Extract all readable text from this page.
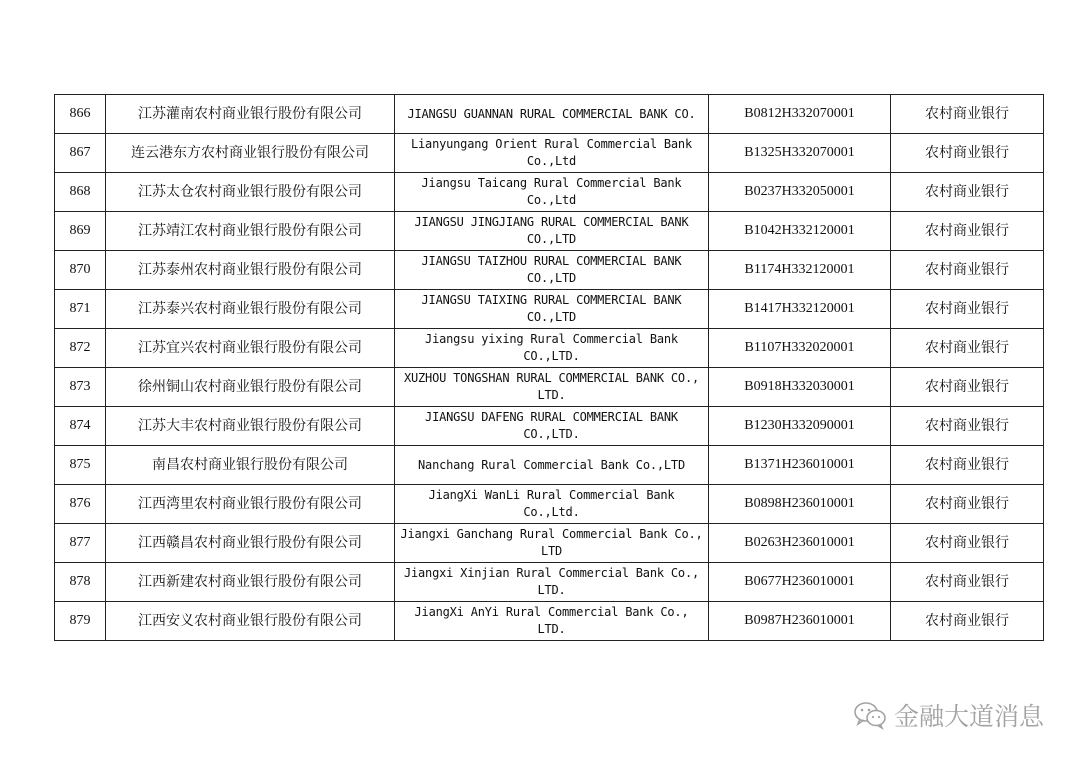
866	江苏灌南农村商业银行股份有限公司	JIANGSU GUANNAN RURAL COMMERCIAL BANK CO.	B0812H332070001	农村商业银行
867	连云港东方农村商业银行股份有限公司	Lianyungang Orient Rural Commercial Bank Co.,Ltd	B1325H332070001	农村商业银行
868	江苏太仓农村商业银行股份有限公司	Jiangsu Taicang Rural Commercial Bank Co.,Ltd	B0237H332050001	农村商业银行
869	江苏靖江农村商业银行股份有限公司	JIANGSU JINGJIANG RURAL COMMERCIAL BANK CO.,LTD	B1042H332120001	农村商业银行
870	江苏泰州农村商业银行股份有限公司	JIANGSU TAIZHOU RURAL COMMERCIAL BANK CO.,LTD	B1174H332120001	农村商业银行
871	江苏泰兴农村商业银行股份有限公司	JIANGSU TAIXING RURAL COMMERCIAL BANK CO.,LTD	B1417H332120001	农村商业银行
872	江苏宜兴农村商业银行股份有限公司	Jiangsu yixing Rural Commercial Bank CO.,LTD.	B1107H332020001	农村商业银行
873	徐州铜山农村商业银行股份有限公司	XUZHOU TONGSHAN RURAL COMMERCIAL BANK CO., LTD.	B0918H332030001	农村商业银行
874	江苏大丰农村商业银行股份有限公司	JIANGSU DAFENG RURAL COMMERCIAL BANK CO.,LTD.	B1230H332090001	农村商业银行
875	南昌农村商业银行股份有限公司	Nanchang Rural Commercial Bank Co.,LTD	B1371H236010001	农村商业银行
876	江西湾里农村商业银行股份有限公司	JiangXi WanLi Rural Commercial Bank Co.,Ltd.	B0898H236010001	农村商业银行
877	江西赣昌农村商业银行股份有限公司	Jiangxi Ganchang Rural Commercial Bank Co., LTD	B0263H236010001	农村商业银行
878	江西新建农村商业银行股份有限公司	Jiangxi Xinjian Rural Commercial Bank Co., LTD.	B0677H236010001	农村商业银行
879	江西安义农村商业银行股份有限公司	JiangXi AnYi Rural Commercial Bank Co., LTD.	B0987H236010001	农村商业银行
金融大道消息
